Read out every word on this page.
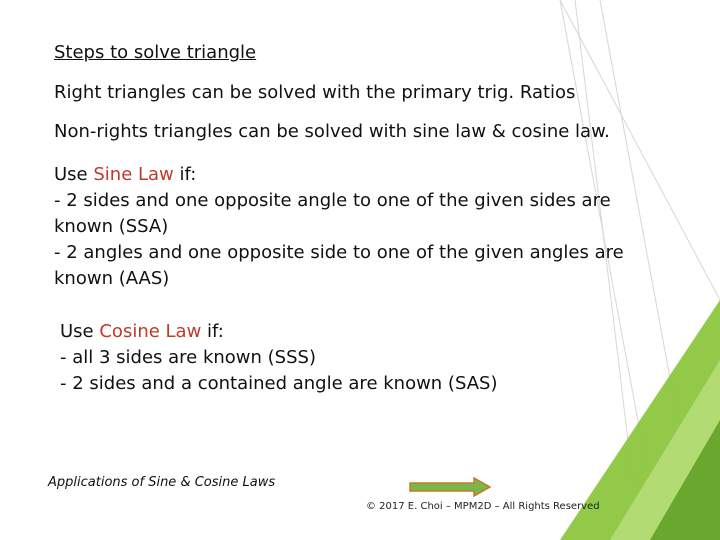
Steps to solve triangle
Right triangles can be solved with the primary trig. Ratios
Non-rights triangles can be solved with sine law & cosine law.
Use Sine Law if:
- 2 sides and one opposite angle to one of the given sides are
known (SSA)
- 2 angles and one opposite side to one of the given angles are
known (AAS)
Use Cosine Law if:
- all 3 sides are known (SSS)
- 2 sides and a contained angle are known (SAS)
Applications of Sine & Cosine Laws
© 2017 E. Choi – MPM2D – All Rights Reserved
